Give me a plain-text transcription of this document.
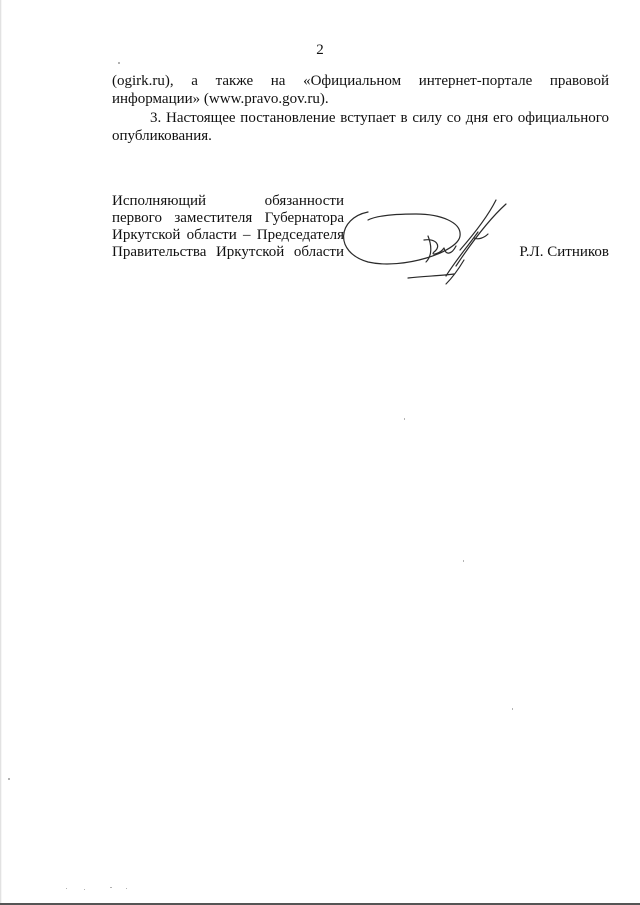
2
(ogirk.ru), а также на «Официальном интернет-портале правовой
информации» (www.pravo.gov.ru).
3. Настоящее постановление вступает в силу со дня его официального
опубликования.
Исполняющий	обязанности
первого заместителя Губернатора
Иркутской области – Председателя
Правительства Иркутской области	Р.Л. Ситников
